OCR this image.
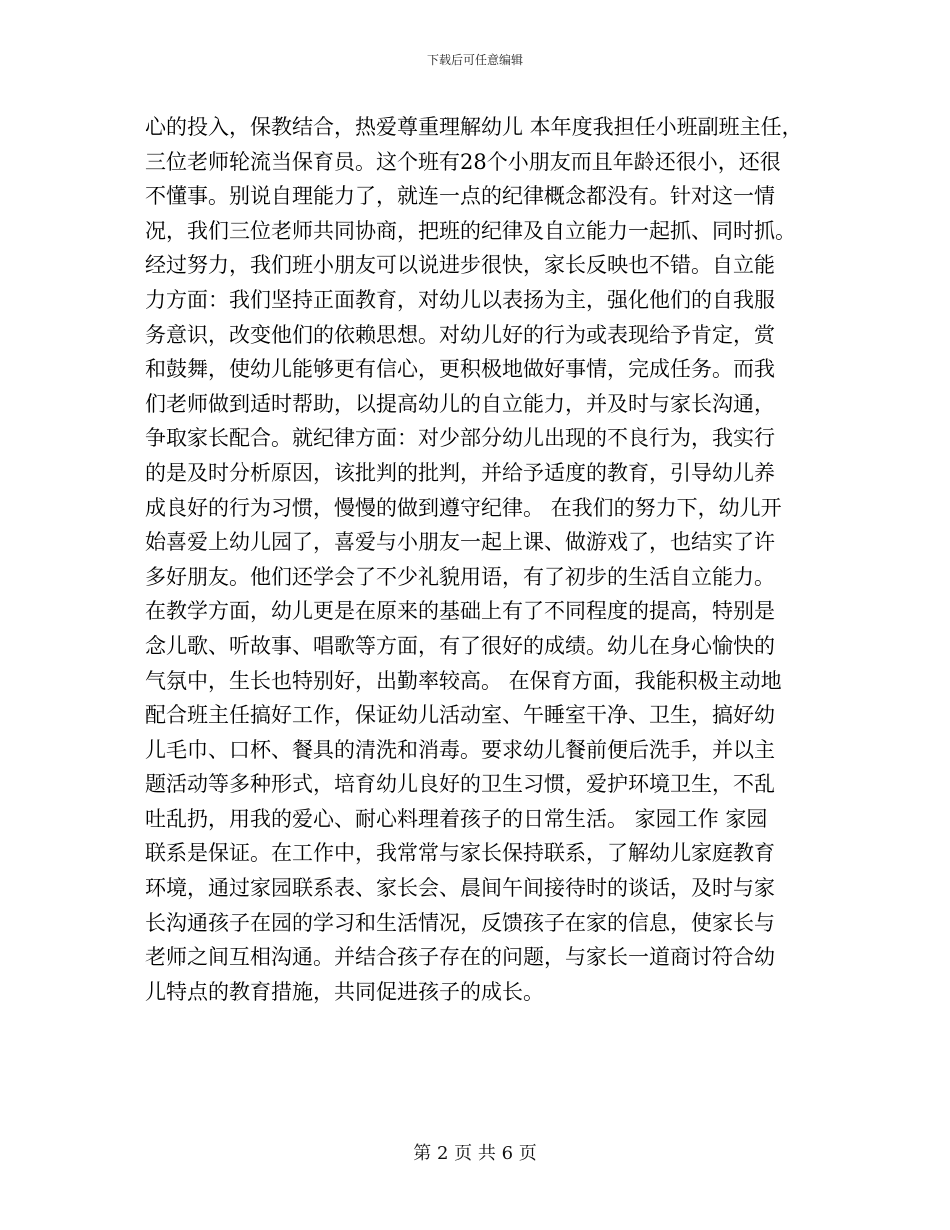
下载后可任意编辑
心的投入，保教结合，热爱尊重理解幼儿 本年度我担任小班副班主任，
三位老师轮流当保育员。这个班有28个小朋友而且年龄还很小，还很
不懂事。别说自理能力了，就连一点的纪律概念都没有。针对这一情
况，我们三位老师共同协商，把班的纪律及自立能力一起抓、同时抓。
经过努力，我们班小朋友可以说进步很快，家长反映也不错。自立能
力方面：我们坚持正面教育，对幼儿以表扬为主，强化他们的自我服
务意识，改变他们的依赖思想。对幼儿好的行为或表现给予肯定，赏
和鼓舞，使幼儿能够更有信心，更积极地做好事情，完成任务。而我
们老师做到适时帮助，以提高幼儿的自立能力，并及时与家长沟通，
争取家长配合。就纪律方面：对少部分幼儿出现的不良行为，我实行
的是及时分析原因，该批判的批判，并给予适度的教育，引导幼儿养
成良好的行为习惯，慢慢的做到遵守纪律。 在我们的努力下，幼儿开
始喜爱上幼儿园了，喜爱与小朋友一起上课、做游戏了，也结实了许
多好朋友。他们还学会了不少礼貌用语，有了初步的生活自立能力。
在教学方面，幼儿更是在原来的基础上有了不同程度的提高，特别是
念儿歌、听故事、唱歌等方面，有了很好的成绩。幼儿在身心愉快的
气氛中，生长也特别好，出勤率较高。 在保育方面，我能积极主动地
配合班主任搞好工作，保证幼儿活动室、午睡室干净、卫生，搞好幼
儿毛巾、口杯、餐具的清洗和消毒。要求幼儿餐前便后洗手，并以主
题活动等多种形式，培育幼儿良好的卫生习惯，爱护环境卫生，不乱
吐乱扔，用我的爱心、耐心料理着孩子的日常生活。 家园工作 家园
联系是保证。在工作中，我常常与家长保持联系，了解幼儿家庭教育
环境，通过家园联系表、家长会、晨间午间接待时的谈话，及时与家
长沟通孩子在园的学习和生活情况，反馈孩子在家的信息，使家长与
老师之间互相沟通。并结合孩子存在的问题，与家长一道商讨符合幼
儿特点的教育措施，共同促进孩子的成长。
第 2 页 共 6 页
